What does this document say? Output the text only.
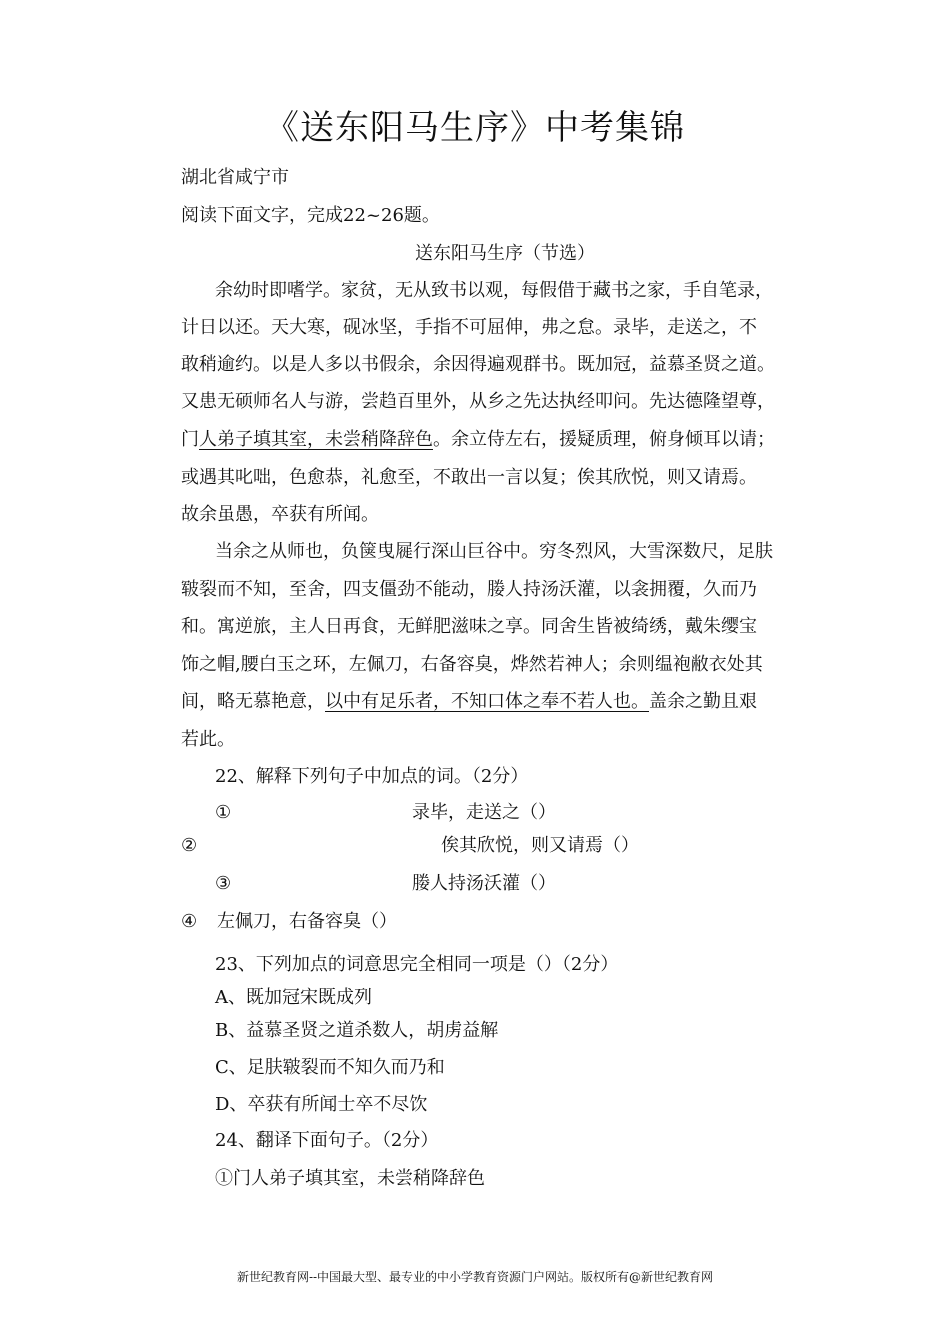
《送东阳马生序》中考集锦
湖北省咸宁市
阅读下面文字，完成22~26题。
送东阳马生序（节选）
余幼时即嗜学。家贫，无从致书以观，每假借于藏书之家，手自笔录，
计日以还。天大寒，砚冰坚，手指不可屈伸，弗之怠。录毕，走送之，不
敢稍逾约。以是人多以书假余，余因得遍观群书。既加冠，益慕圣贤之道。
又患无硕师名人与游，尝趋百里外，从乡之先达执经叩问。先达德隆望尊，
门人弟子填其室，未尝稍降辞色。余立侍左右，援疑质理，俯身倾耳以请；
或遇其叱咄，色愈恭，礼愈至，不敢出一言以复；俟其欣悦，则又请焉。
故余虽愚，卒获有所闻。
当余之从师也，负箧曳屣行深山巨谷中。穷冬烈风，大雪深数尺，足肤
皲裂而不知，至舍，四支僵劲不能动，媵人持汤沃灌，以衾拥覆，久而乃
和。寓逆旅，主人日再食，无鲜肥滋味之享。同舍生皆被绮绣，戴朱缨宝
饰之帽,腰白玉之环，左佩刀，右备容臭，烨然若神人；余则缊袍敝衣处其
间，略无慕艳意，以中有足乐者，不知口体之奉不若人也。盖余之勤且艰
若此。
22、解释下列句子中加点的词。（2分）
①	录毕，走送之（）
②	俟其欣悦，则又请焉（）
③	媵人持汤沃灌（）
④ 左佩刀，右备容臭（）
23、下列加点的词意思完全相同一项是（）（2分）
A、既加冠宋既成列
B、益慕圣贤之道杀数人，胡虏益解
C、足肤皲裂而不知久而乃和
D、卒获有所闻士卒不尽饮
24、翻译下面句子。（2分）
①门人弟子填其室，未尝稍降辞色
新世纪教育网--中国最大型、最专业的中小学教育资源门户网站。版权所有@新世纪教育网
